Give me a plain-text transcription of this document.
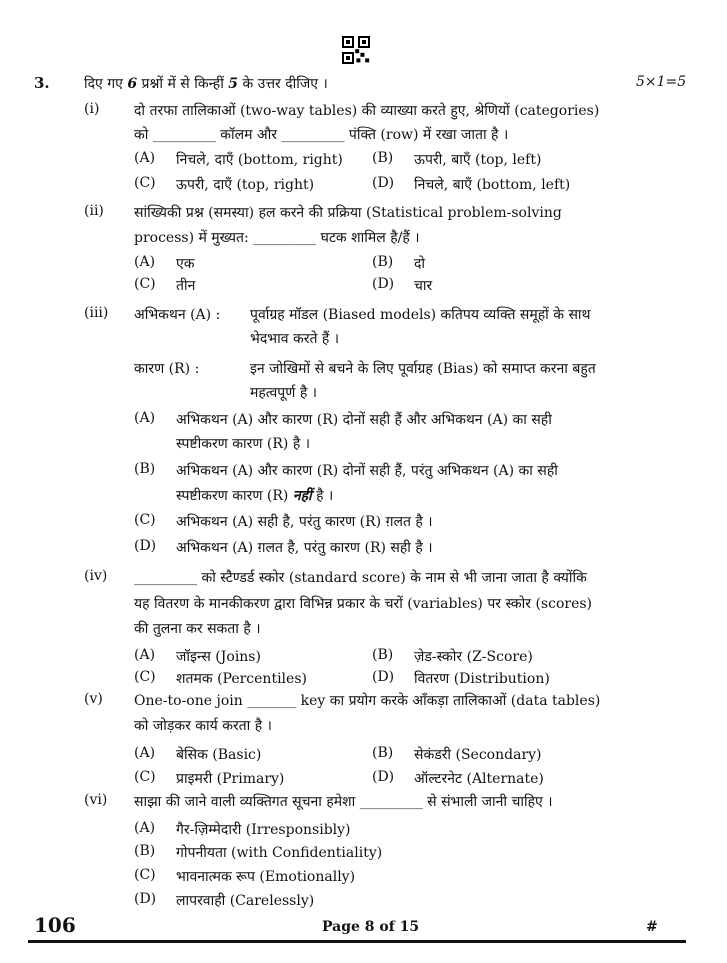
3. दिए गए 6 प्रश्नों में से किन्हीं 5 के उत्तर दीजिए ।	5×1=5
(i) दो तरफा तालिकाओं (two-way tables) की व्याख्या करते हुए, श्रेणियों (categories)
को _________ कॉलम और _________ पंक्ति (row) में रखा जाता है ।
(A) निचले, दाएँ (bottom, right) (B) ऊपरी, बाएँ (top, left)
(C) ऊपरी, दाएँ (top, right)	(D) निचले, बाएँ (bottom, left)
(ii) सांख्यिकी प्रश्न (समस्या) हल करने की प्रक्रिया (Statistical problem-solving
process) में मुख्यत: _________ घटक शामिल है/हैं ।
(A) एक	(B) दो
(C) तीन	(D) चार
(iii) अभिकथन (A) : पूर्वाग्रह मॉडल (Biased models) कतिपय व्यक्ति समूहों के साथ
भेदभाव करते हैं ।
कारण (R) :	इन जोखिमों से बचने के लिए पूर्वाग्रह (Bias) को समाप्त करना बहुत
महत्वपूर्ण है ।
(A) अभिकथन (A) और कारण (R) दोनों सही हैं और अभिकथन (A) का सही
स्पष्टीकरण कारण (R) है ।
(B) अभिकथन (A) और कारण (R) दोनों सही हैं, परंतु अभिकथन (A) का सही
स्पष्टीकरण कारण (R) नहीं है ।
(C) अभिकथन (A) सही है, परंतु कारण (R) ग़लत है ।
(D) अभिकथन (A) ग़लत है, परंतु कारण (R) सही है ।
(iv) _________ को स्टैण्डर्ड स्कोर (standard score) के नाम से भी जाना जाता है क्योंकि
यह वितरण के मानकीकरण द्वारा विभिन्न प्रकार के चरों (variables) पर स्कोर (scores)
की तुलना कर सकता है ।
(A) जॉइन्स (Joins)	(B) ज़ेड-स्कोर (Z-Score)
(C) शतमक (Percentiles)	(D) वितरण (Distribution)
(v) One-to-one join _______ key का प्रयोग करके आँकड़ा तालिकाओं (data tables)
को जोड़कर कार्य करता है ।
(A) बेसिक (Basic)	(B) सेकंडरी (Secondary)
(C) प्राइमरी (Primary)	(D) ऑल्टरनेट (Alternate)
(vi) साझा की जाने वाली व्यक्तिगत सूचना हमेशा _________ से संभाली जानी चाहिए ।
(A) गैर-ज़िम्मेदारी (Irresponsibly)
(B) गोपनीयता (with Confidentiality)
(C) भावनात्मक रूप (Emotionally)
(D) लापरवाही (Carelessly)
106	Page 8 of 15	#
